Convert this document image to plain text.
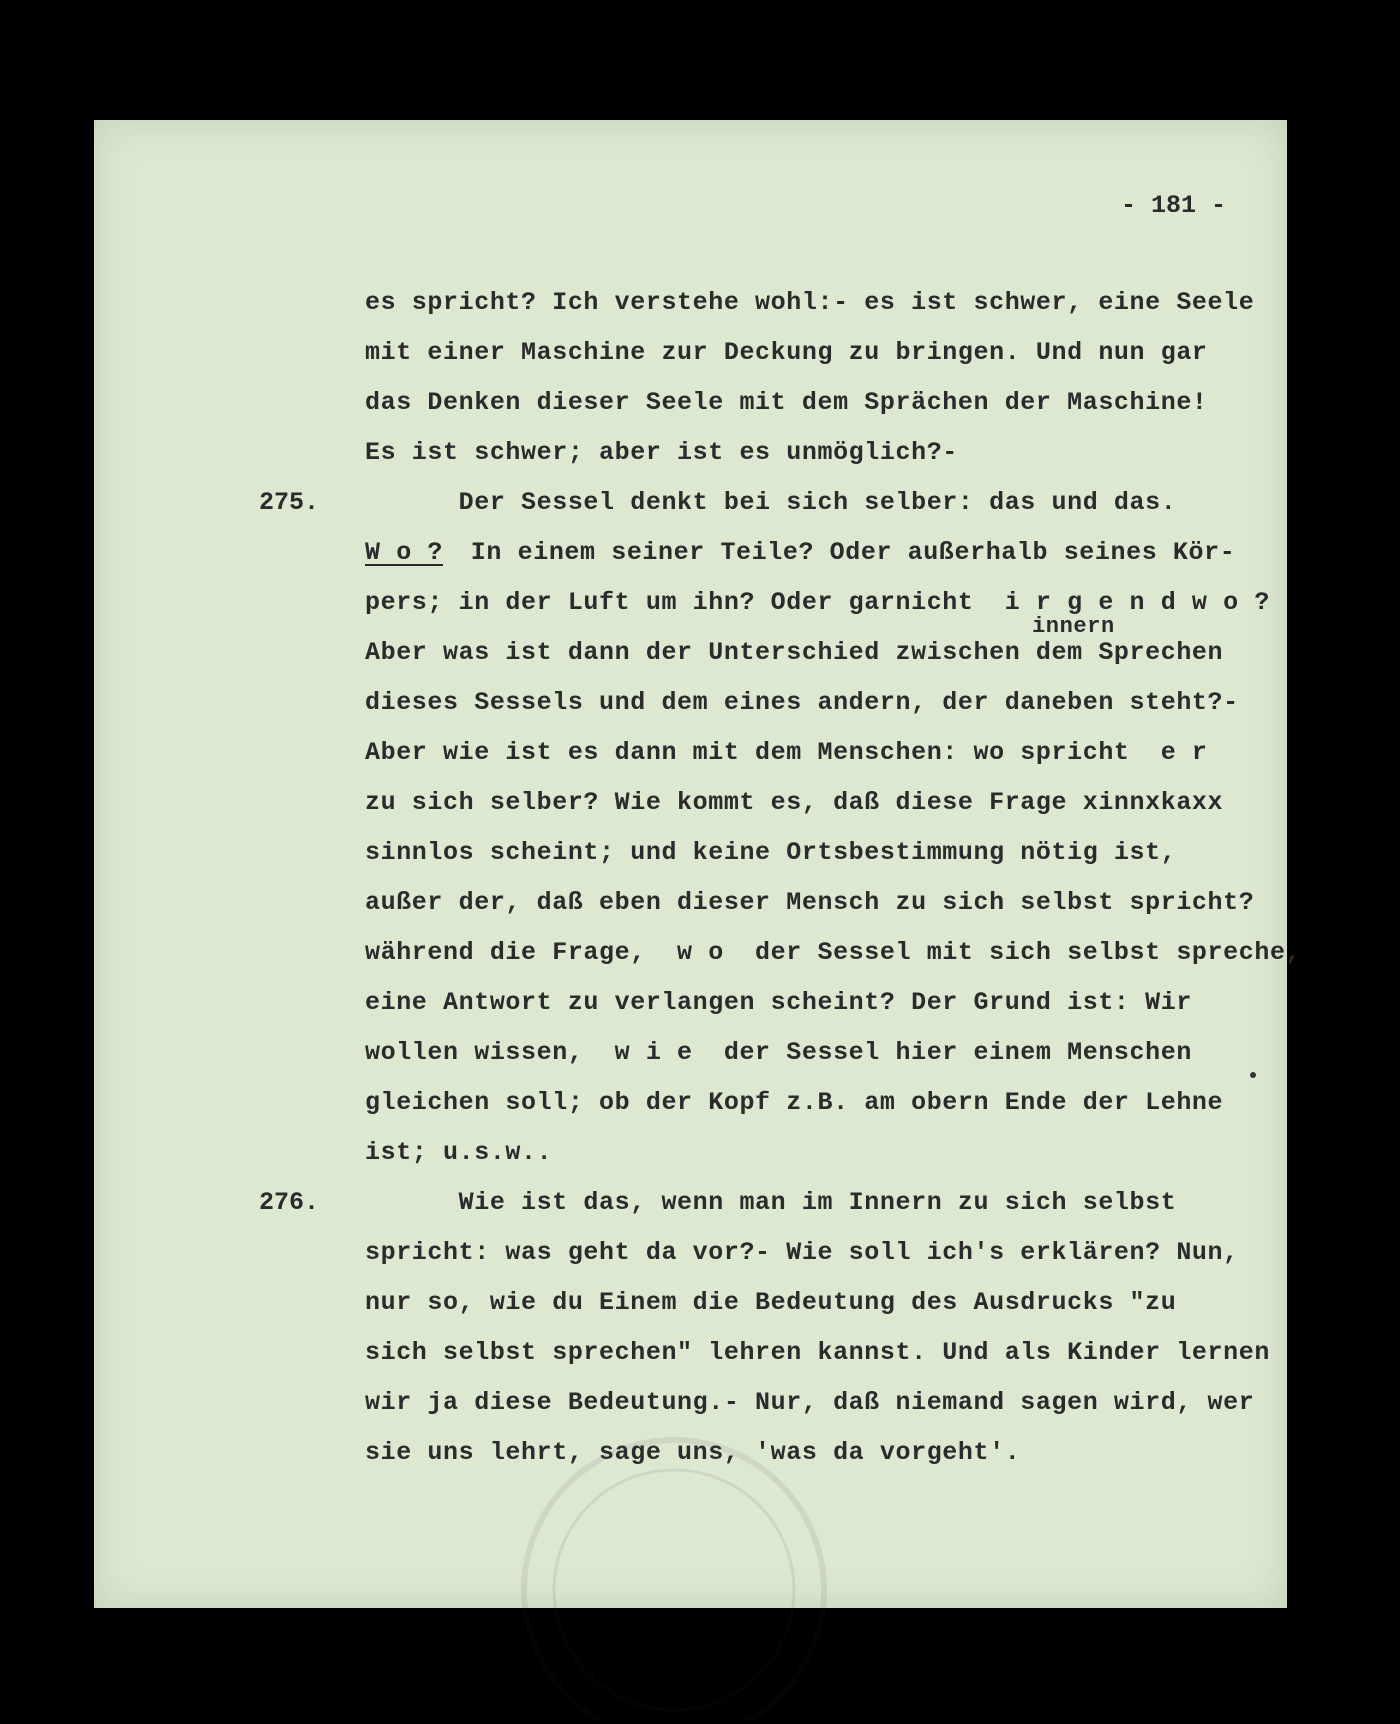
- 181 -
es spricht? Ich verstehe wohl:- es ist schwer, eine Seele
mit einer Maschine zur Deckung zu bringen. Und nun gar
das Denken dieser Seele mit dem Sprächen der Maschine!
Es ist schwer; aber ist es unmöglich?-
275. Der Sessel denkt bei sich selber: das und das.
W o ?
In einem seiner Teile? Oder außerhalb seines Kör-
pers; in der Luft um ihn? Oder garnicht  i r g e n d w o ?
innern
Aber was ist dann der Unterschied zwischen dem Sprechen
dieses Sessels und dem eines andern, der daneben steht?-
Aber wie ist es dann mit dem Menschen: wo spricht  e r
zu sich selber? Wie kommt es, daß diese Frage xinnxkaxx
sinnlos scheint; und keine Ortsbestimmung nötig ist,
außer der, daß eben dieser Mensch zu sich selbst spricht?
während die Frage,  w o  der Sessel mit sich selbst spreche,
eine Antwort zu verlangen scheint? Der Grund ist: Wir
wollen wissen,  w i e  der Sessel hier einem Menschen
gleichen soll; ob der Kopf z.B. am obern Ende der Lehne
ist; u.s.w..
276. Wie ist das, wenn man im Innern zu sich selbst
spricht: was geht da vor?- Wie soll ich's erklären? Nun,
nur so, wie du Einem die Bedeutung des Ausdrucks "zu
sich selbst sprechen" lehren kannst. Und als Kinder lernen
wir ja diese Bedeutung.- Nur, daß niemand sagen wird, wer
sie uns lehrt, sage uns, 'was da vorgeht'.
